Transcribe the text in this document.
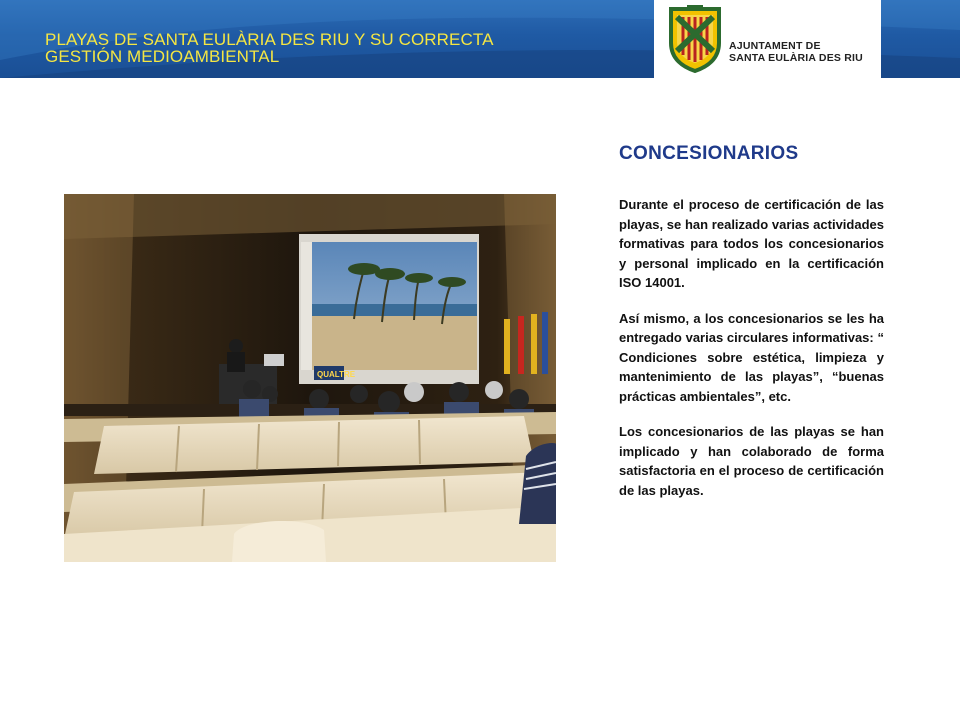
PLAYAS DE SANTA EULÀRIA DES RIU Y SU CORRECTA
GESTIÓN MEDIOAMBIENTAL
AJUNTAMENT DE
SANTA EULÀRIA DES RIU
QUALTRE
CONCESIONARIOS

Durante el proceso de certificación de las playas, se han realizado varias actividades formativas para todos los concesionarios y personal implicado en la certificación ISO 14001.

Así mismo, a los concesionarios se les ha entregado varias circulares informativas: “ Condiciones sobre estética, limpieza y mantenimiento de las playas”, “buenas prácticas ambientales”, etc.

Los concesionarios de las playas se han implicado y han colaborado de forma satisfactoria en el proceso de certificación de las playas.
